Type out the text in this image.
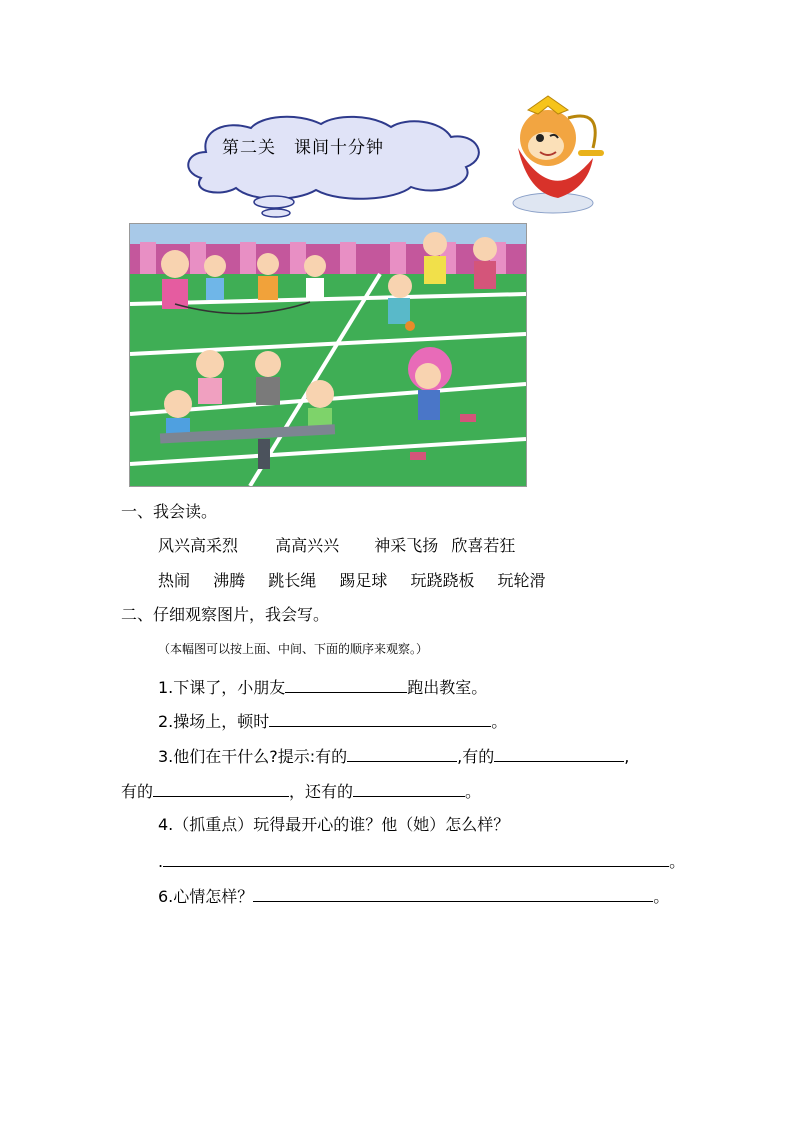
第二关　课间十分钟
一、我会读。
风兴高采烈 高高兴兴 神采飞扬 欣喜若狂
热闹 沸腾 跳长绳 踢足球 玩跷跷板 玩轮滑
二、仔细观察图片，我会写。
（本幅图可以按上面、中间、下面的顺序来观察。）
1.下课了，小朋友	跑出教室。
2.操场上，顿时	。
3.他们在干什么?提示:有的	,有的	,
有的	，还有的	。
4.（抓重点）玩得最开心的谁？他（她）怎么样？
.	。
6.心情怎样？	。
